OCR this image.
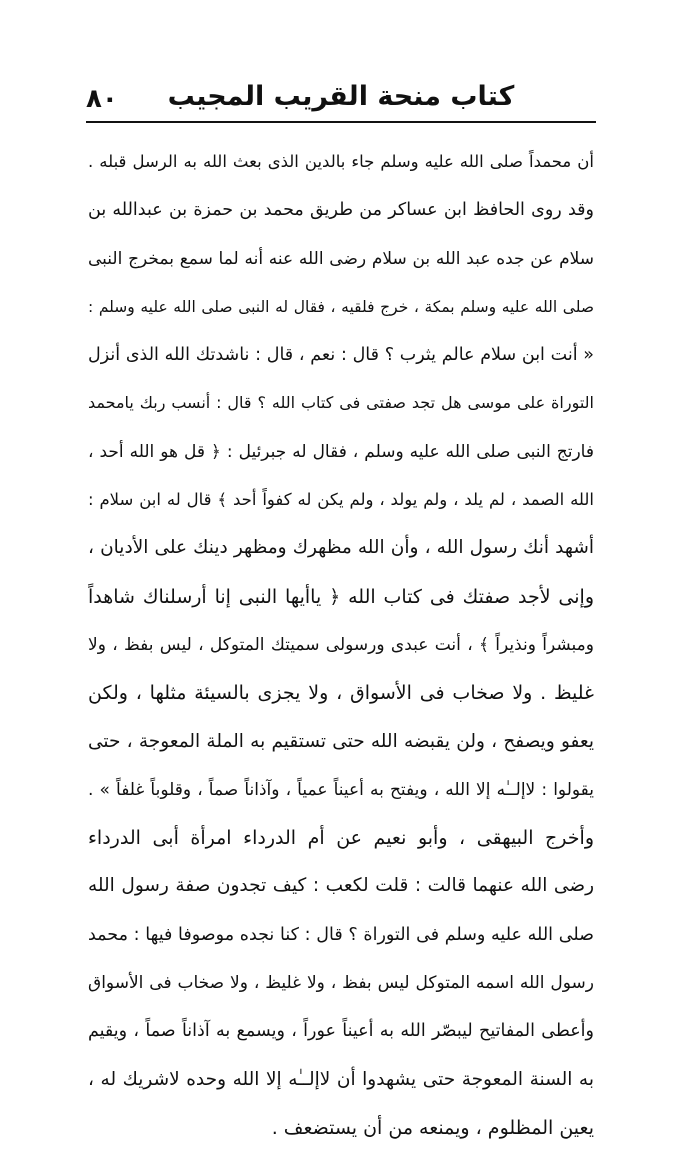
كتاب منحة القريب المجيب
٨٠
أن محمداً صلى الله عليه وسلم جاء بالدين الذى بعث الله به الرسل قبله .
وقد روى الحافظ ابن عساكر من طريق محمد بن حمزة بن عبدالله بن
سلام عن جده عبد الله بن سلام رضى الله عنه أنه لما سمع بمخرج النبى
صلى الله عليه وسلم بمكة ، خرج فلقيه ، فقال له النبى صلى الله عليه وسلم :
« أنت ابن سلام عالم يثرب ؟ قال : نعم ، قال : ناشدتك الله الذى أنزل
التوراة على موسى هل تجد صفتى فى كتاب الله ؟ قال : أنسب ربك يامحمد
فارتج النبى صلى الله عليه وسلم ، فقال له جبرئيل : ﴿ قل هو الله أحد ،
الله الصمد ، لم يلد ، ولم يولد ، ولم يكن له كفواً أحد ﴾ قال له ابن سلام :
أشهد أنك رسول الله ، وأن الله مظهرك ومظهر دينك على الأديان ،
وإنى لأجد صفتك فى كتاب الله ﴿ ياأيها النبى إنا أرسلناك شاهداً
ومبشراً ونذيراً ﴾ ، أنت عبدى ورسولى سميتك المتوكل ، ليس بفظ ، ولا
غليظ . ولا صخاب فى الأسواق ، ولا يجزى بالسيئة مثلها ، ولكن
يعفو ويصفح ، ولن يقبضه الله حتى تستقيم به الملة المعوجة ، حتى
يقولوا : لاإلــٰه إلا الله ، ويفتح به أعيناً عمياً ، وآذاناً صماً ، وقلوباً غلفاً » .
وأخرج البيهقى ، وأبو نعيم عن أم الدرداء امرأة أبى الدرداء
رضى الله عنهما قالت : قلت لكعب : كيف تجدون صفة رسول الله
صلى الله عليه وسلم فى التوراة ؟ قال : كنا نجده موصوفا فيها : محمد
رسول الله اسمه المتوكل ليس بفظ ، ولا غليظ ، ولا صخاب فى الأسواق
وأعطى المفاتيح ليبصّر الله به أعيناً عوراً ، ويسمع به آذاناً صماً ، ويقيم
به السنة المعوجة حتى يشهدوا أن لاإلــٰه إلا الله وحده لاشريك له ،
يعين المظلوم ، ويمنعه من أن يستضعف .
